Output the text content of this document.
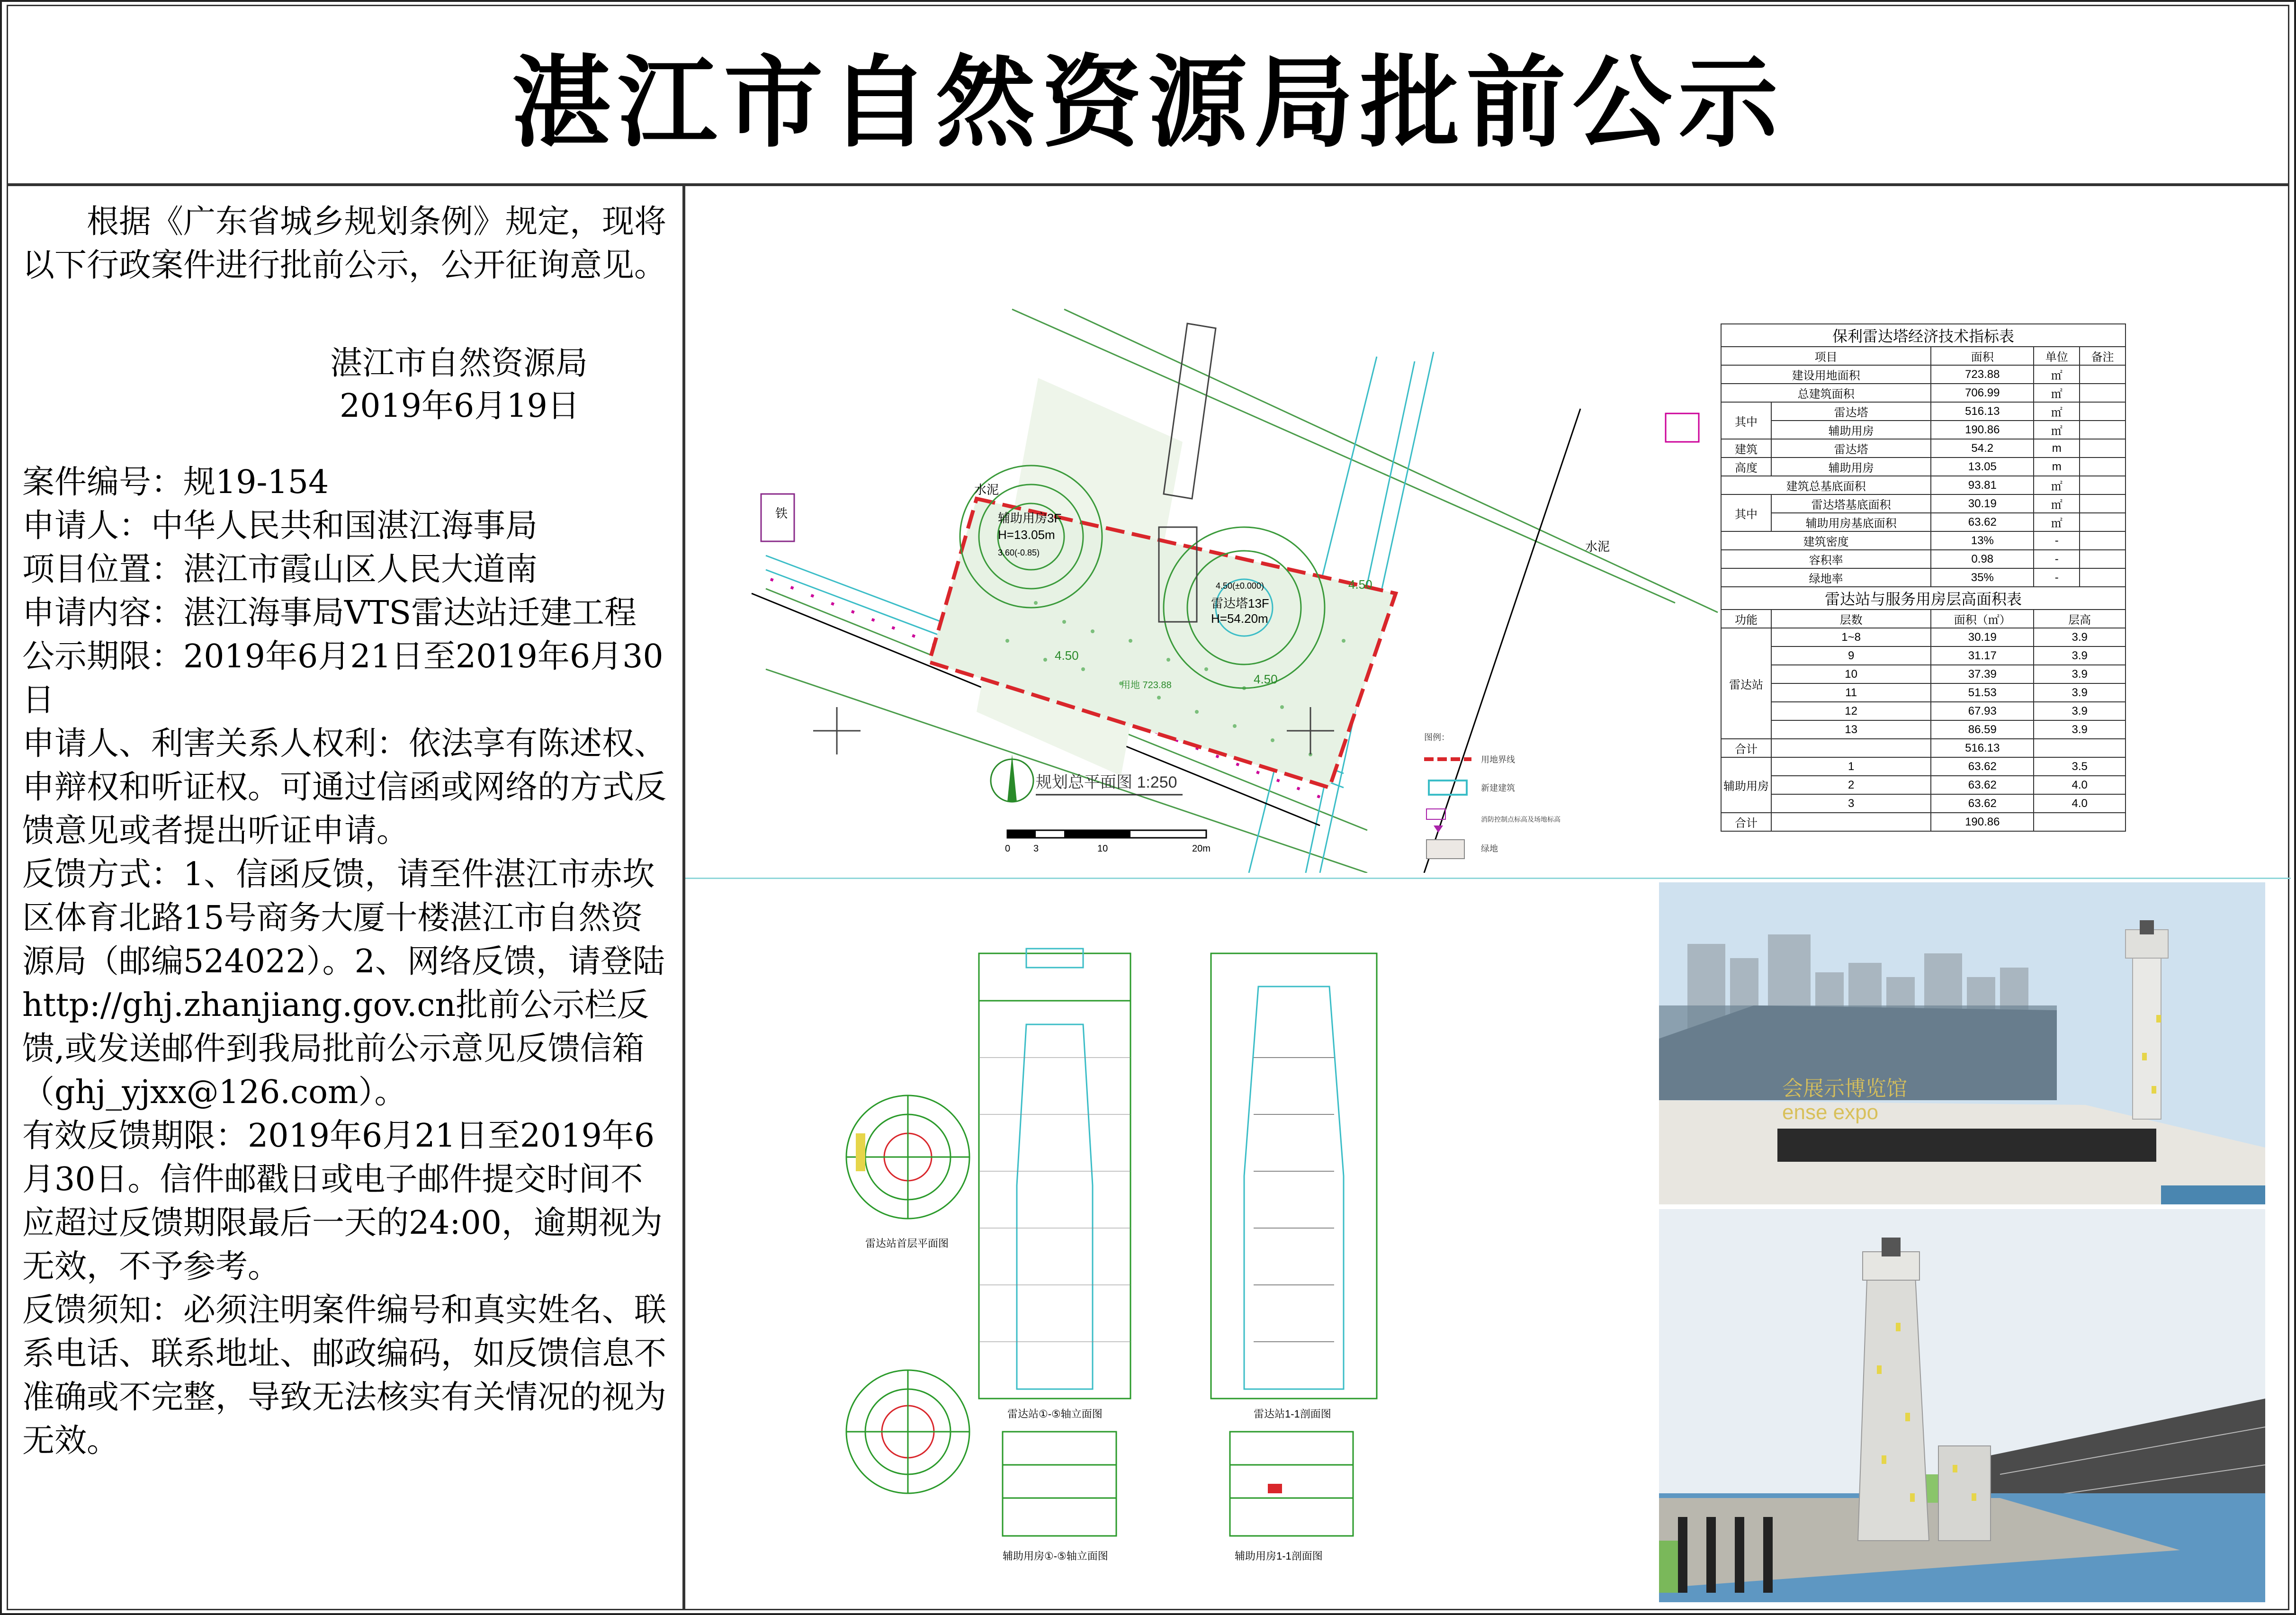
湛江市自然资源局批前公示

根据《广东省城乡规划条例》规定，现将以下行政案件进行批前公示，公开征询意见。

湛江市自然资源局
2019年6月19日

案件编号：规19-154

申请人：中华人民共和国湛江海事局

项目位置：湛江市霞山区人民大道南

申请内容：湛江海事局VTS雷达站迁建工程

公示期限：2019年6月21日至2019年6月30日

申请人、利害关系人权利：依法享有陈述权、申辩权和听证权。可通过信函或网络的方式反馈意见或者提出听证申请。

反馈方式：1、信函反馈，请至件湛江市赤坎区体育北路15号商务大厦十楼湛江市自然资源局（邮编524022）。2、网络反馈，请登陆http://ghj.zhanjiang.gov.cn批前公示栏反馈,或发送邮件到我局批前公示意见反馈信箱（ghj_yjxx@126.com）。

有效反馈期限：2019年6月21日至2019年6月30日。信件邮戳日或电子邮件提交时间不应超过反馈期限最后一天的24:00，逾期视为无效，不予参考。

反馈须知：必须注明案件编号和真实姓名、联系电话、联系地址、邮政编码，如反馈信息不准确或不完整，导致无法核实有关情况的视为无效。

辅助用房3F
H=13.05m
3.60(-0.85)
雷达塔13F
H=54.20m
4.50(±0.000)	4.50
4.50
4.50
用地 723.88
水泥
水泥
铁
规划总平面图 1:250
0 3	10	20m
图例：
用地界线
新建建筑
消防控制点标高及场地标高
绿地
保利雷达塔经济技术指标表				
项目		面积	单位	备注
建设用地面积		723.88	㎡	
总建筑面积		706.99	㎡	
其中	雷达塔	516.13	㎡	
	辅助用房	190.86	㎡	
建筑	雷达塔	54.2	m	
高度	辅助用房	13.05	m	
建筑总基底面积		93.81	㎡	
其中	雷达塔基底面积	30.19	㎡	
	辅助用房基底面积	63.62	㎡	
建筑密度		13%	-	
容积率		0.98	-	
绿地率		35%	-	
雷达站与服务用房层高面积表				
功能	层数	面积（㎡）	层高	
雷达站	1~8	30.19	3.9	
	9	31.17	3.9	
	10	37.39	3.9	
	11	51.53	3.9	
	12	67.93	3.9	
	13	86.59	3.9	
合计		516.13		
辅助用房	1	63.62	3.5	
	2	63.62	4.0	
	3	63.62	4.0	
合计		190.86		
雷达站首层平面图
雷达站①-⑤轴立面图	雷达站1-1剖面图
辅助用房①-⑤轴立面图	辅助用房1-1剖面图
ense expo
会展示博览馆
